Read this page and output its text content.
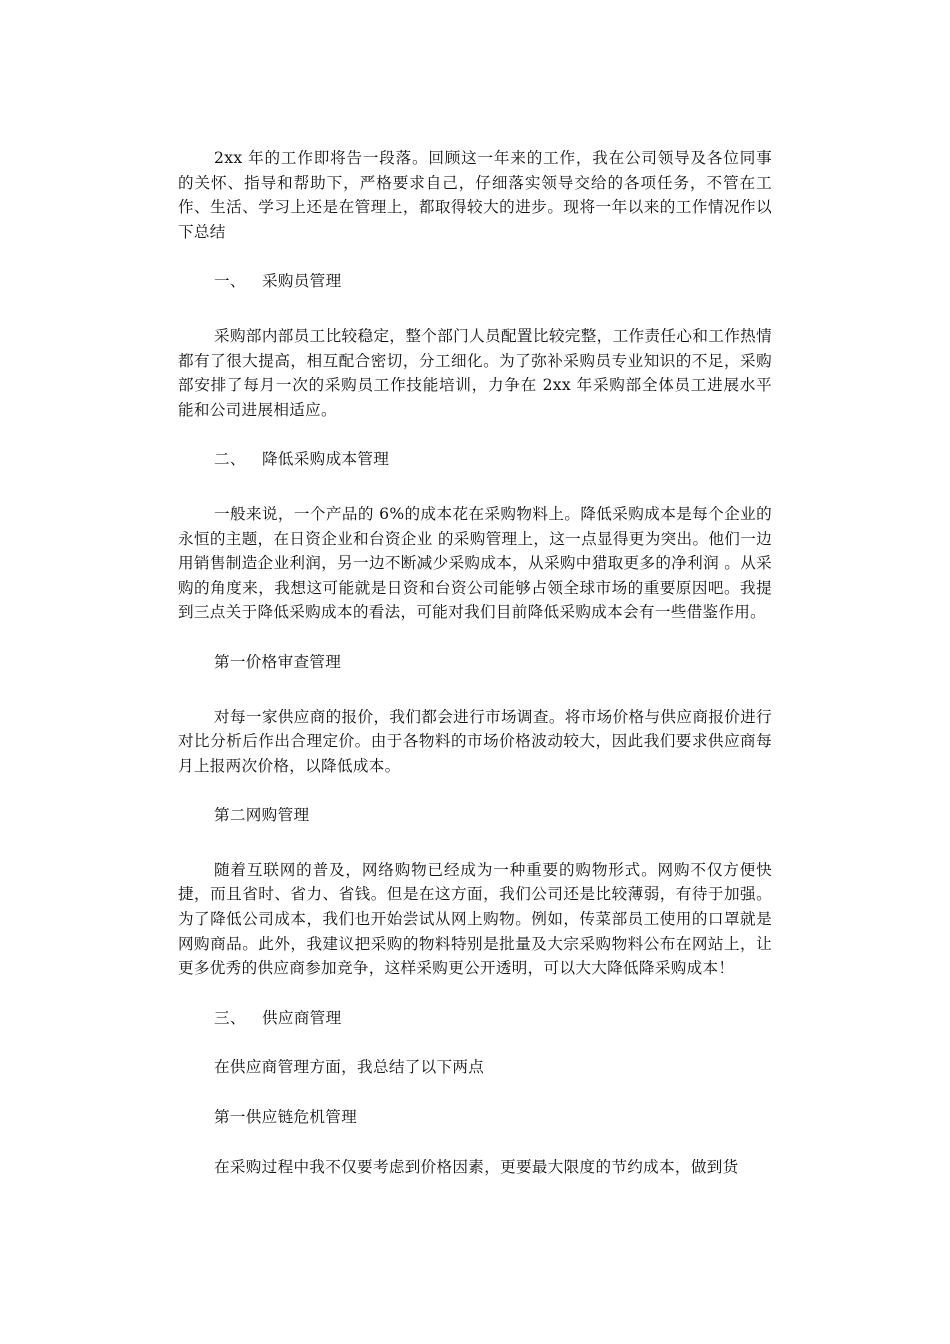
2xx 年的工作即将告一段落。回顾这一年来的工作，我在公司领导及各位同事的关怀、指导和帮助下，严格要求自己，仔细落实领导交给的各项任务，不管在工作、生活、学习上还是在管理上，都取得较大的进步。现将一年以来的工作情况作以下总结

一、 采购员管理

采购部内部员工比较稳定，整个部门人员配置比较完整，工作责任心和工作热情都有了很大提高，相互配合密切，分工细化。为了弥补采购员专业知识的不足，采购部安排了每月一次的采购员工作技能培训，力争在 2xx 年采购部全体员工进展水平能和公司进展相适应。

二、 降低采购成本管理

一般来说，一个产品的 6%的成本花在采购物料上。降低采购成本是每个企业的永恒的主题，在日资企业和台资企业 的采购管理上，这一点显得更为突出。他们一边用销售制造企业利润，另一边不断减少采购成本，从采购中猎取更多的净利润 。从采购的角度来，我想这可能就是日资和台资公司能够占领全球市场的重要原因吧。我提到三点关于降低采购成本的看法，可能对我们目前降低采购成本会有一些借鉴作用。

第一价格审查管理

对每一家供应商的报价，我们都会进行市场调查。将市场价格与供应商报价进行对比分析后作出合理定价。由于各物料的市场价格波动较大，因此我们要求供应商每月上报两次价格，以降低成本。

第二网购管理

随着互联网的普及，网络购物已经成为一种重要的购物形式。网购不仅方便快捷，而且省时、省力、省钱。但是在这方面，我们公司还是比较薄弱，有待于加强。为了降低公司成本，我们也开始尝试从网上购物。例如，传菜部员工使用的口罩就是网购商品。此外，我建议把采购的物料特别是批量及大宗采购物料公布在网站上，让更多优秀的供应商参加竞争，这样采购更公开透明，可以大大降低降采购成本！

三、 供应商管理

在供应商管理方面，我总结了以下两点

第一供应链危机管理

在采购过程中我不仅要考虑到价格因素，更要最大限度的节约成本，做到货
